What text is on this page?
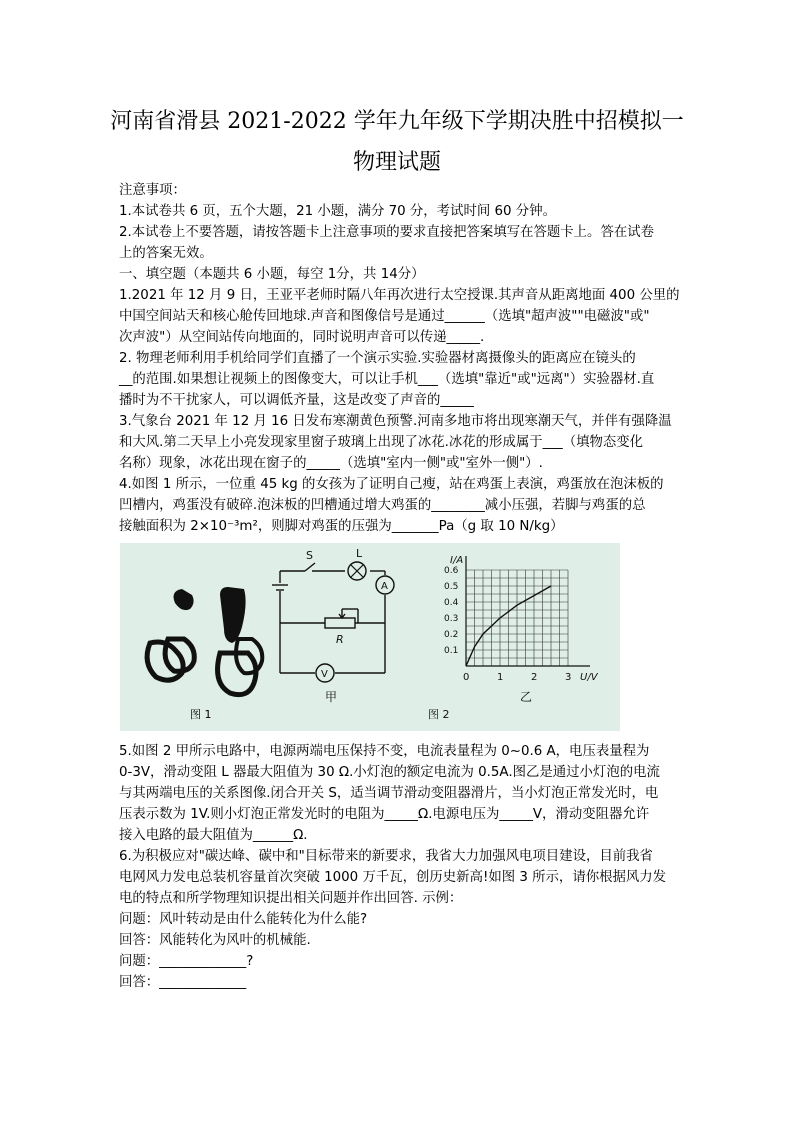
河南省滑县 2021-2022 学年九年级下学期决胜中招模拟一
物理试题
注意事项：
1.本试卷共 6 页，五个大题，21 小题，满分 70 分，考试时间 60 分钟。
2.本试卷上不要答题，请按答题卡上注意事项的要求直接把答案填写在答题卡上。答在试卷
上的答案无效。
一、填空题（本题共 6 小题，每空 1分，共 14分）
1.2021 年 12 月 9 日，王亚平老师时隔八年再次进行太空授课.其声音从距离地面 400 公里的
中国空间站天和核心舱传回地球.声音和图像信号是通过______（选填"超声波""电磁波"或"
次声波"）从空间站传向地面的，同时说明声音可以传递_____.
2. 物理老师利用手机给同学们直播了一个演示实验.实验器材离摄像头的距离应在镜头的
__的范围.如果想让视频上的图像变大，可以让手机___（选填"靠近"或"远离"）实验器材.直
播时为不干扰家人，可以调低齐量，这是改变了声音的_____
3.气象台 2021 年 12 月 16 日发布寒潮黄色预警.河南多地市将出现寒潮天气，并伴有强降温
和大风.第二天早上小亮发现家里窗子玻璃上出现了冰花.冰花的形成属于___（填物态变化
名称）现象，冰花出现在窗子的_____（选填"室内一侧"或"室外一侧"）.
4.如图 1 所示，一位重 45 kg 的女孩为了证明自己瘦，站在鸡蛋上表演，鸡蛋放在泡沫板的
凹槽内，鸡蛋没有破碎.泡沫板的凹槽通过增大鸡蛋的________减小压强，若脚与鸡蛋的总
接触面积为 2×10⁻³m²，则脚对鸡蛋的压强为_______Pa（g 取 10 N/kg）
图 1
S	L
A
V
R
甲
图 2
0	1	2	3
0.1
0.2
0.3
0.4
0.5
0.6
I/A
U/V
乙
5.如图 2 甲所示电路中，电源两端电压保持不变，电流表量程为 0~0.6 A，电压表量程为
0-3V，滑动变阻 L 器最大阻值为 30 Ω.小灯泡的额定电流为 0.5A.图乙是通过小灯泡的电流
与其两端电压的关系图像.闭合开关 S，适当调节滑动变阻器滑片，当小灯泡正常发光时，电
压表示数为 1V.则小灯泡正常发光时的电阻为_____Ω.电源电压为_____V，滑动变阻器允许
接入电路的最大阻值为______Ω.
6.为积极应对"碳达峰、碳中和"目标带来的新要求，我省大力加强风电项目建设，目前我省
电网风力发电总装机容量首次突破 1000 万千瓦，创历史新高!如图 3 所示，请你根据风力发
电的特点和所学物理知识提出相关问题并作出回答. 示例：
问题：风叶转动是由什么能转化为什么能?
回答：风能转化为风叶的机械能.
问题：_____________?
回答：_____________
